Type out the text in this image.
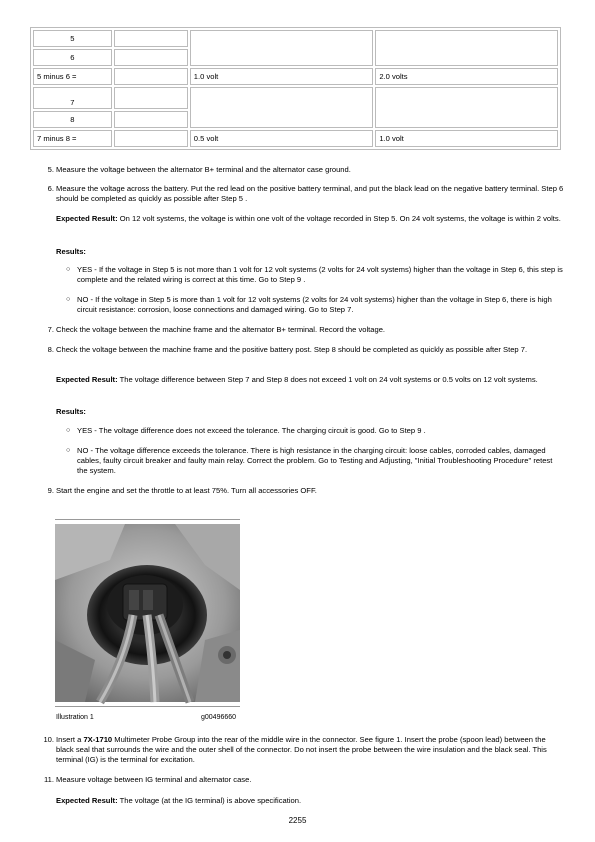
5			
6			
5 minus 6 =		1.0 volt	2.0 volts
7			
8			
7 minus 8 =		0.5 volt	1.0 volt
5. Measure the voltage between the alternator B+ terminal and the alternator case ground.
6. Measure the voltage across the battery. Put the red lead on the positive battery terminal, and put the black lead on the negative battery terminal. Step 6 should be completed as quickly as possible after Step 5 .
Expected Result: On 12 volt systems, the voltage is within one volt of the voltage recorded in Step 5. On 24 volt systems, the voltage is within 2 volts.
Results:
○ YES - If the voltage in Step 5 is not more than 1 volt for 12 volt systems (2 volts for 24 volt systems) higher than the voltage in Step 6, this step is complete and the related wiring is correct at this time. Go to Step 9 .
○ NO - If the voltage in Step 5 is more than 1 volt for 12 volt systems (2 volts for 24 volt systems) higher than the voltage in Step 6, there is high circuit resistance: corrosion, loose connections and damaged wiring. Go to Step 7.
7. Check the voltage between the machine frame and the alternator B+ terminal. Record the voltage.
8. Check the voltage between the machine frame and the positive battery post. Step 8 should be completed as quickly as possible after Step 7.
Expected Result: The voltage difference between Step 7 and Step 8 does not exceed 1 volt on 24 volt systems or 0.5 volts on 12 volt systems.
Results:
○ YES - The voltage difference does not exceed the tolerance. The charging circuit is good. Go to Step 9 .
○ NO - The voltage difference exceeds the tolerance. There is high resistance in the charging circuit: loose cables, corroded cables, damaged cables, faulty circuit breaker and faulty main relay. Correct the problem. Go to Testing and Adjusting, "Initial Troubleshooting Procedure" retest the system.
9. Start the engine and set the throttle to at least 75%. Turn all accessories OFF.
Illustration 1	g00496660
10. Insert a 7X-1710 Multimeter Probe Group into the rear of the middle wire in the connector. See figure 1. Insert the probe (spoon lead) between the black seal that surrounds the wire and the outer shell of the connector. Do not insert the probe between the wire insulation and the black seal. This terminal (IG) is the terminal for excitation.
11. Measure voltage between IG terminal and alternator case.
Expected Result: The voltage (at the IG terminal) is above specification.
2255
